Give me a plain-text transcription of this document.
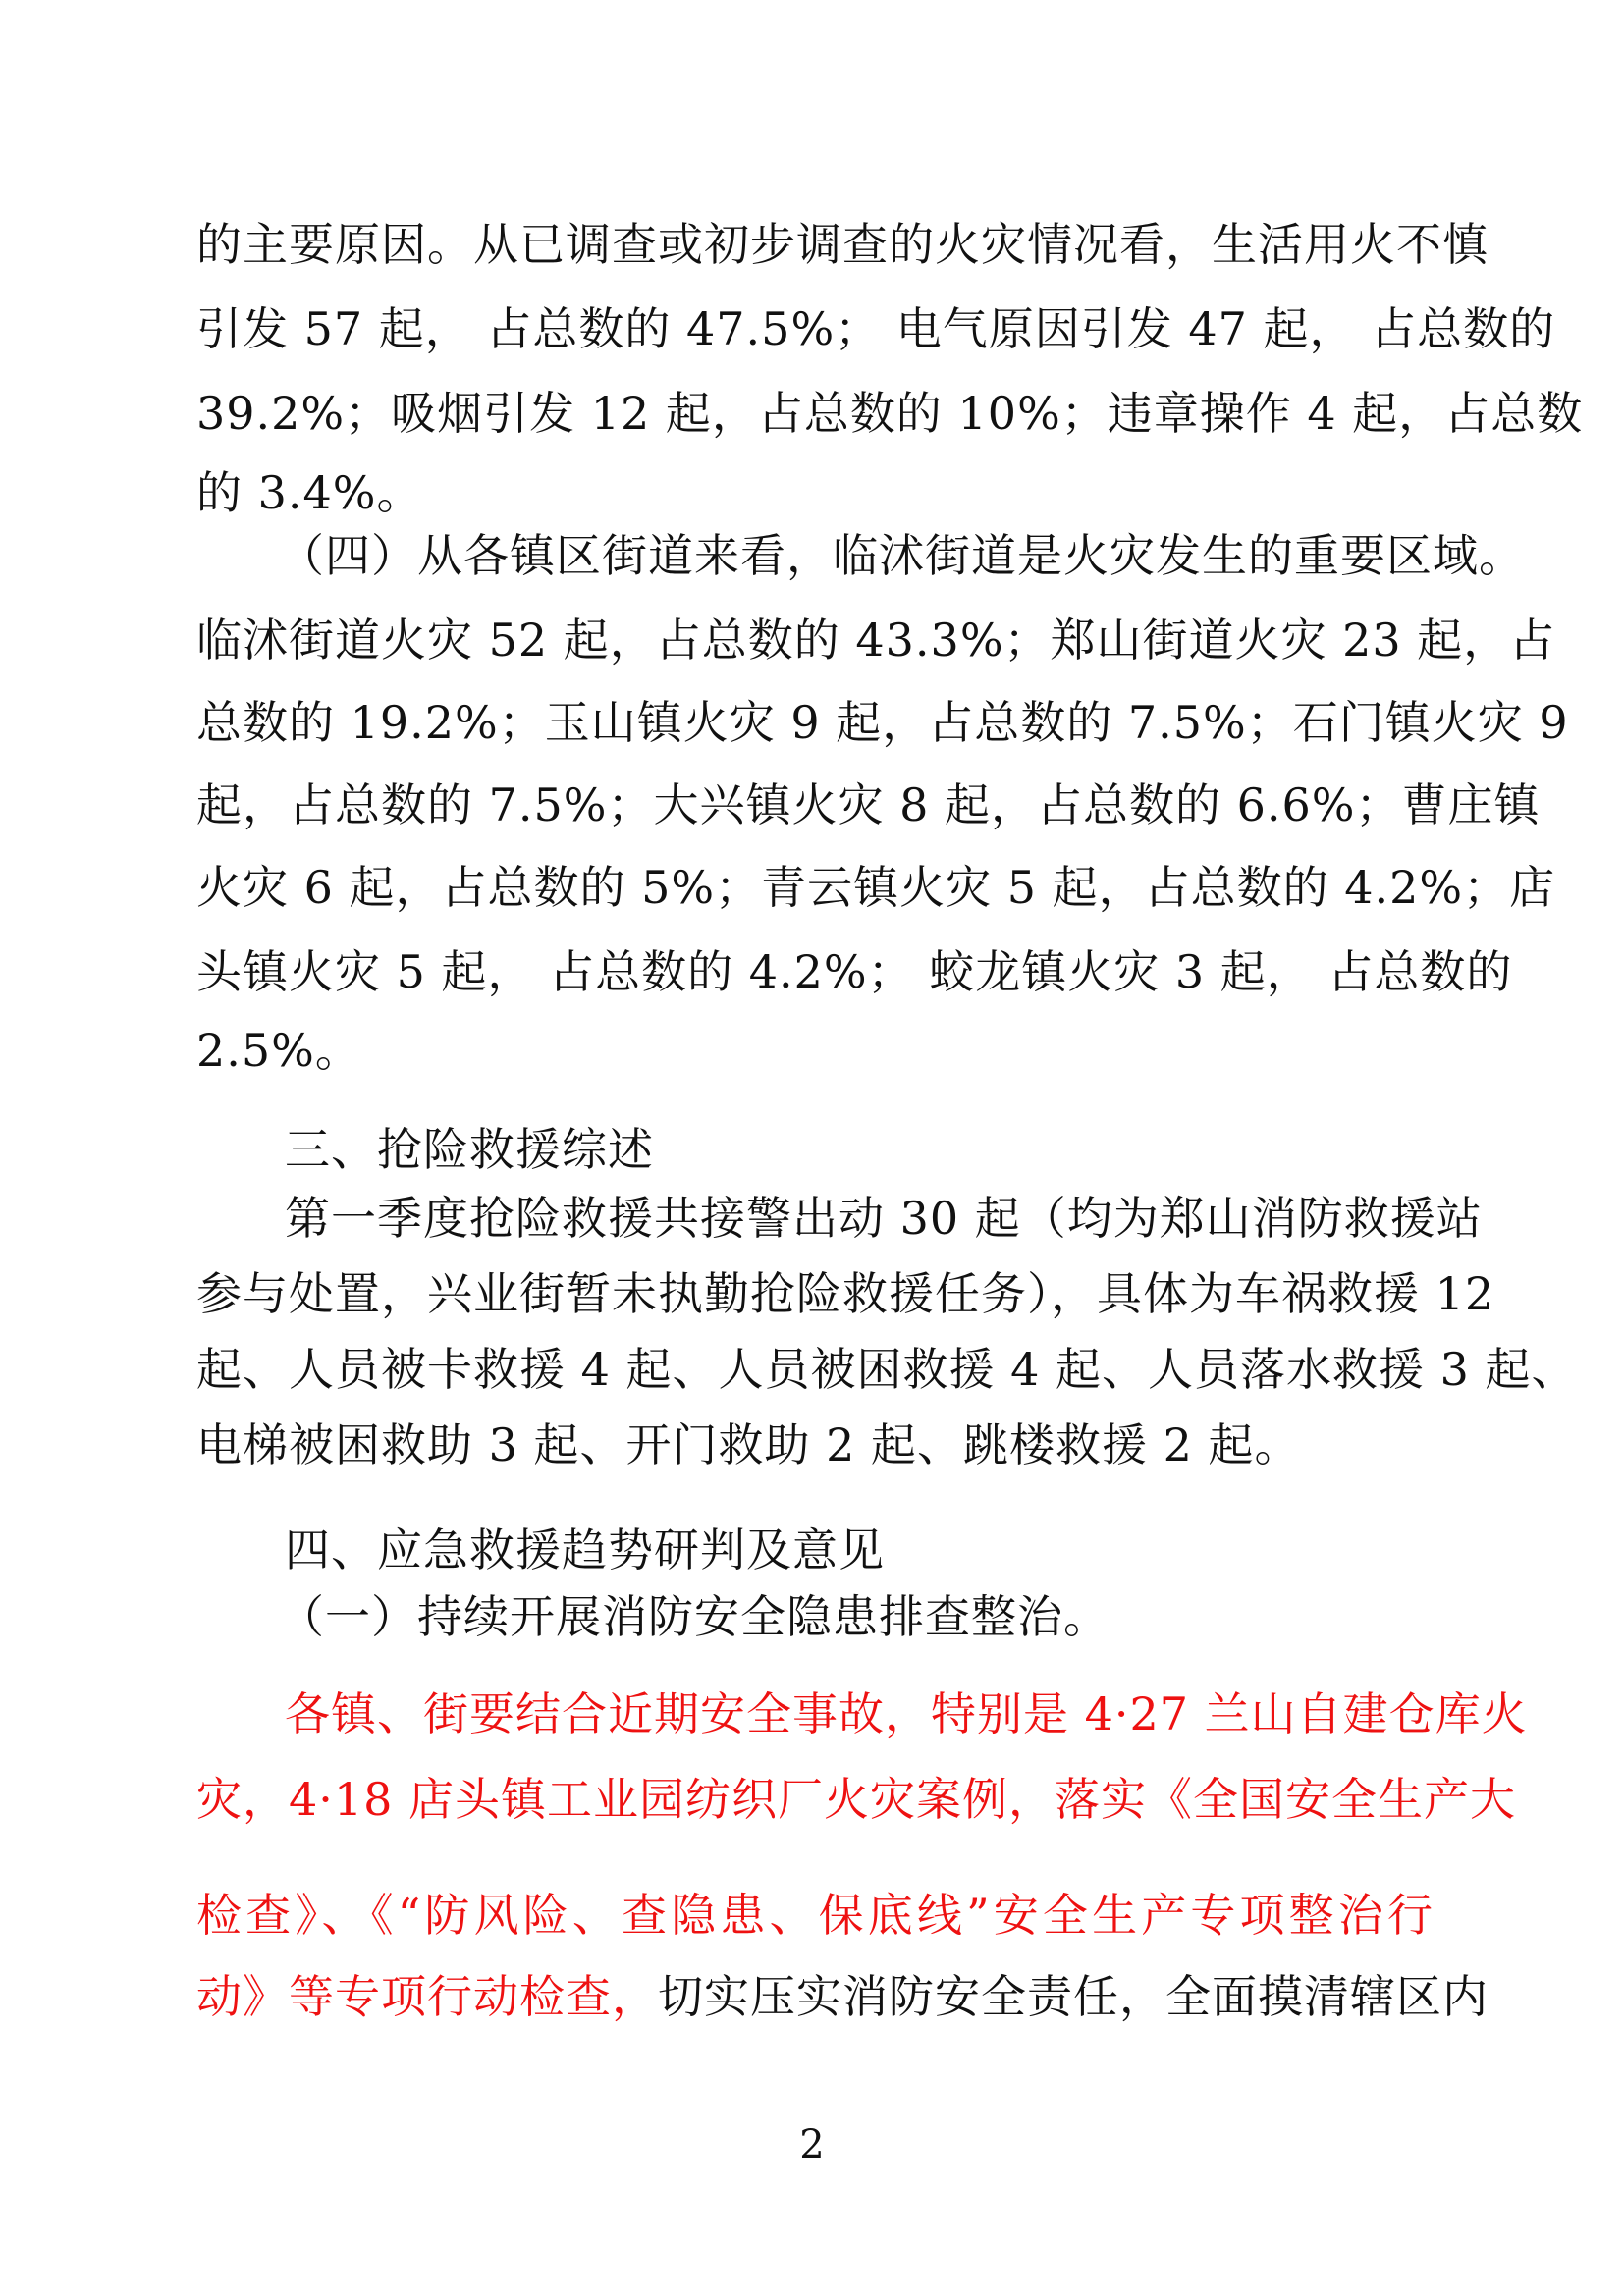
的主要原因。从已调查或初步调查的火灾情况看，生活用火不慎
引发 57 起， 占总数的 47.5%； 电气原因引发 47 起， 占总数的
39.2%；吸烟引发 12 起，占总数的 10%；违章操作 4 起，占总数
的 3.4%。
（四）从各镇区街道来看，临沭街道是火灾发生的重要区域。
临沭街道火灾 52 起，占总数的 43.3%；郑山街道火灾 23 起，占
总数的 19.2%；玉山镇火灾 9 起，占总数的 7.5%；石门镇火灾 9
起，占总数的 7.5%；大兴镇火灾 8 起，占总数的 6.6%；曹庄镇
火灾 6 起，占总数的 5%；青云镇火灾 5 起，占总数的 4.2%；店
头镇火灾 5 起， 占总数的 4.2%； 蛟龙镇火灾 3 起， 占总数的
2.5%。
三、抢险救援综述
第一季度抢险救援共接警出动 30 起（均为郑山消防救援站
参与处置，兴业街暂未执勤抢险救援任务），具体为车祸救援 12
起、人员被卡救援 4 起、人员被困救援 4 起、人员落水救援 3 起、
电梯被困救助 3 起、开门救助 2 起、跳楼救援 2 起。
四、应急救援趋势研判及意见
（一）持续开展消防安全隐患排查整治。
各镇、街要结合近期安全事故，特别是 4·27 兰山自建仓库火
灾，4·18 店头镇工业园纺织厂火灾案例，落实《全国安全生产大
检查》、《“防风险、查隐患、保底线”安全生产专项整治行
动》等专项行动检查，切实压实消防安全责任，全面摸清辖区内
2
